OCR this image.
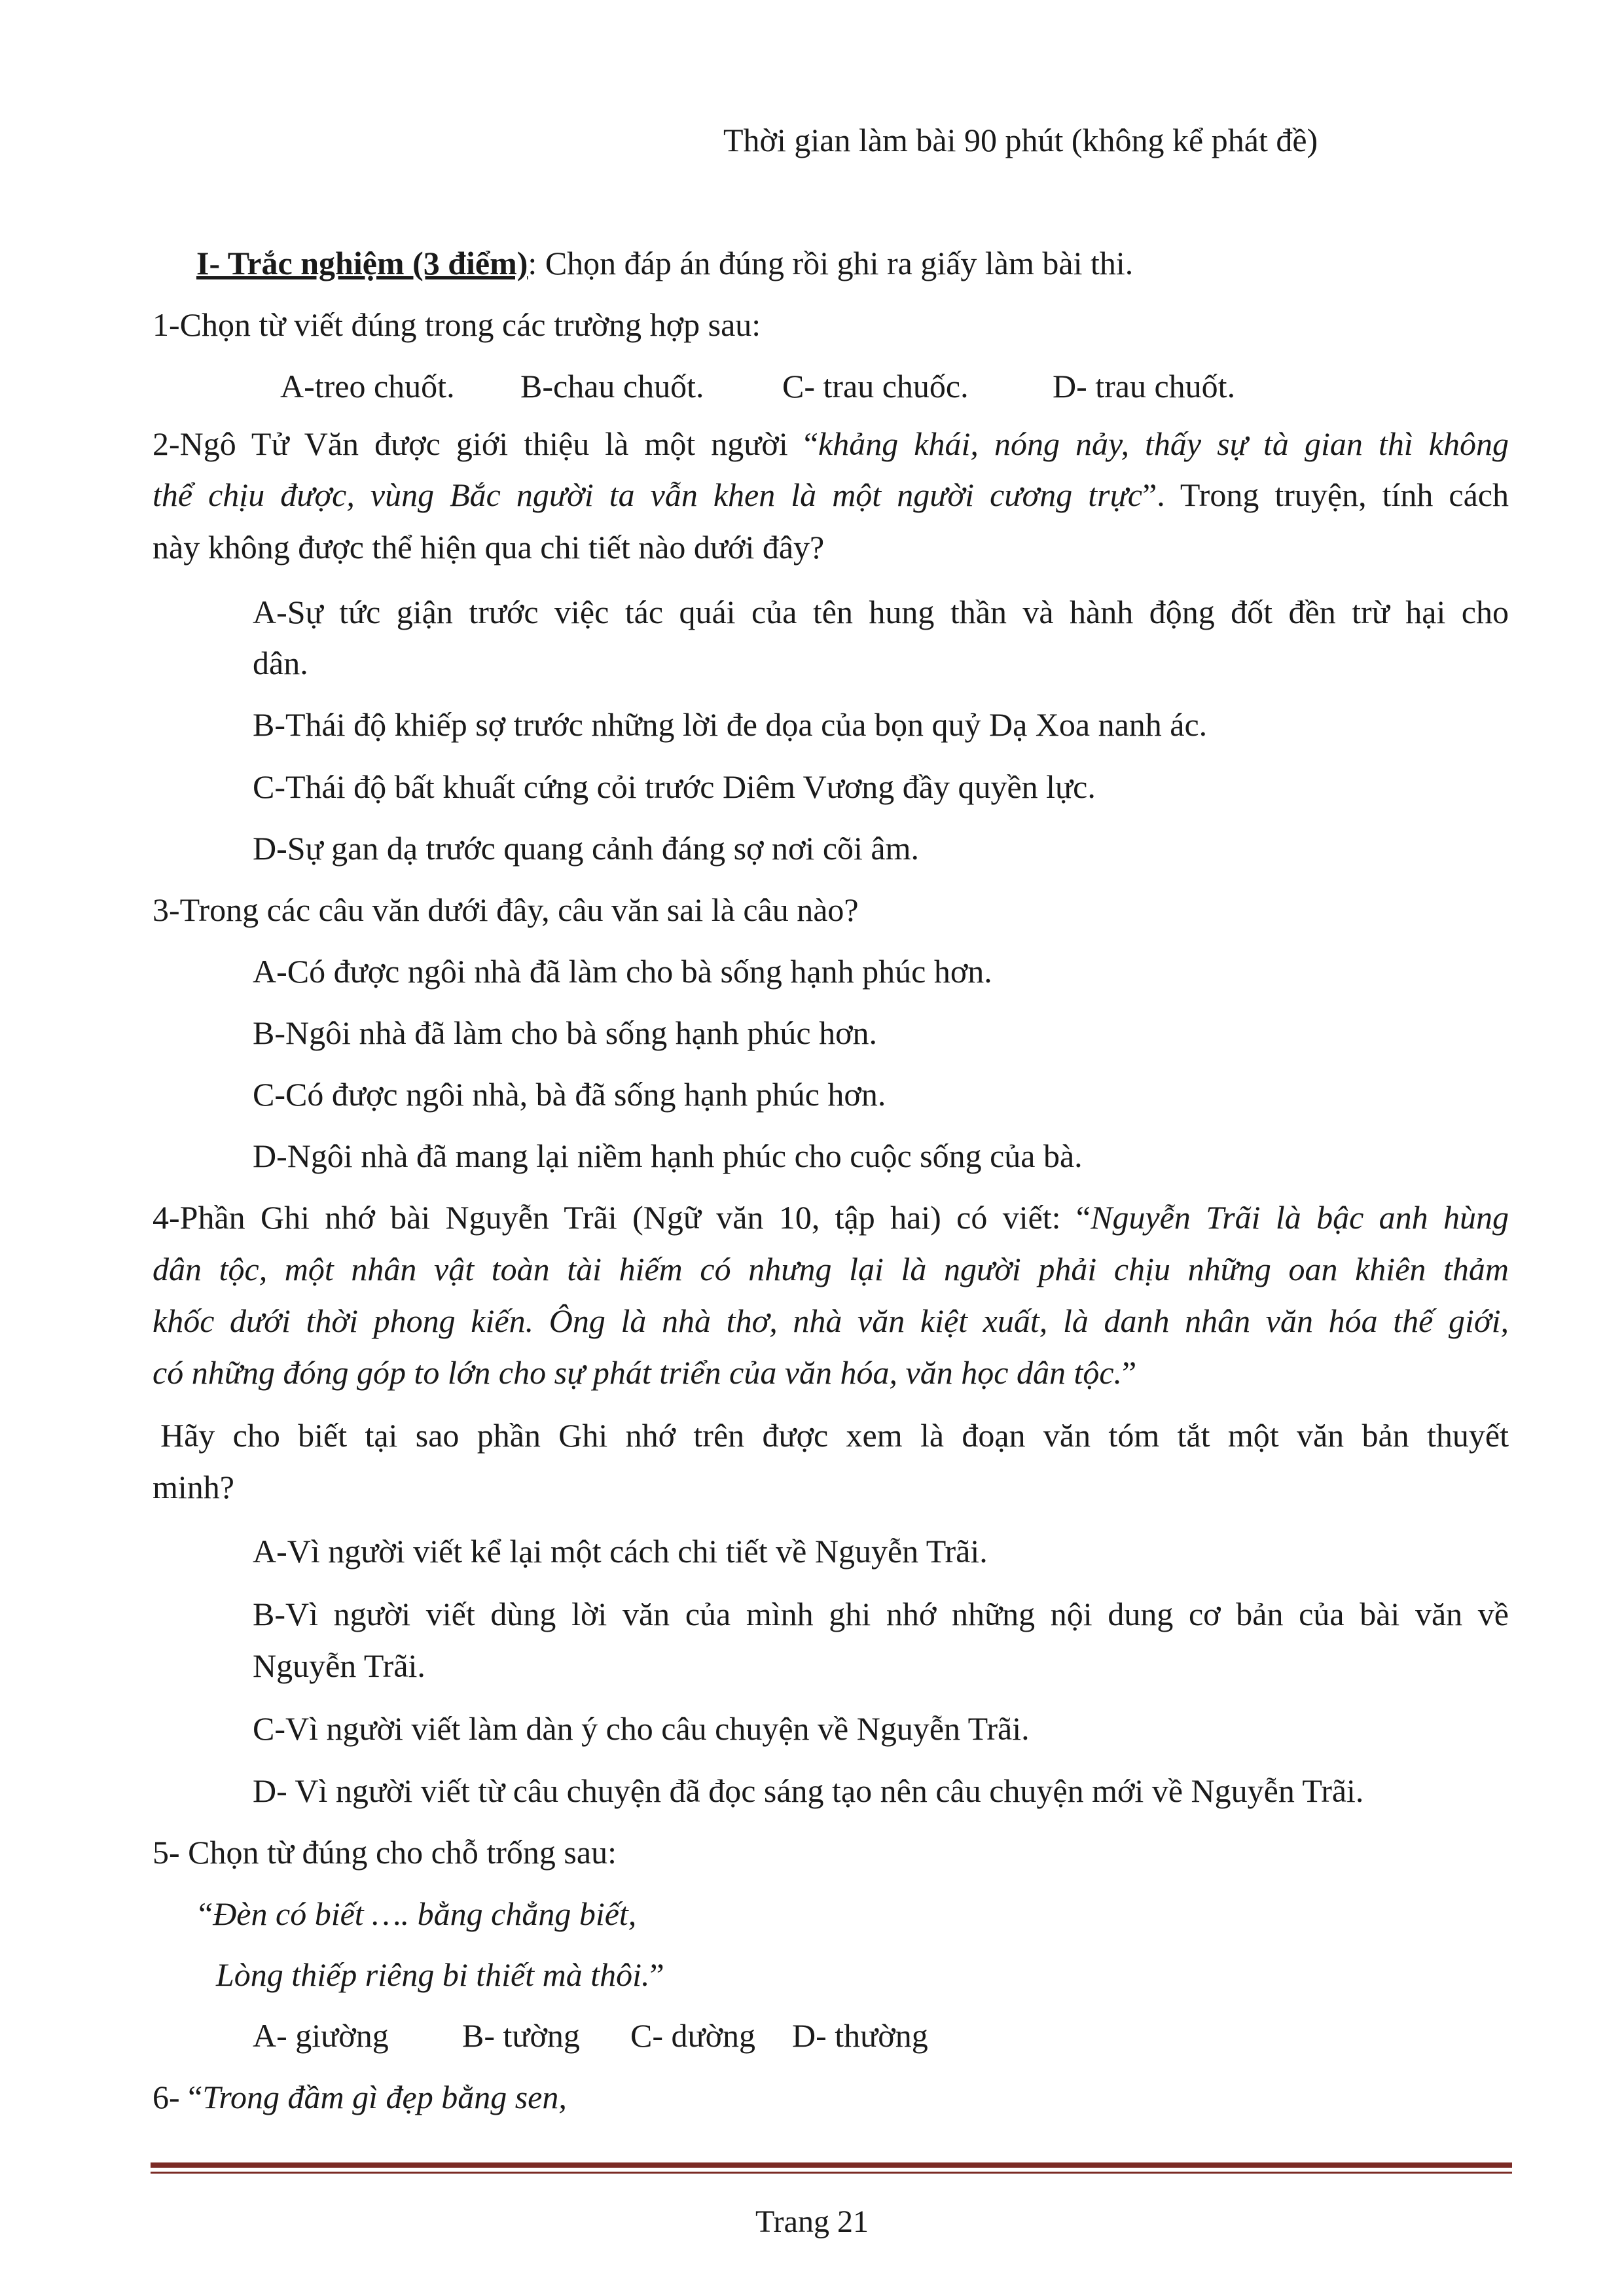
Thời gian làm bài 90 phút (không kể phát đề)
I- Trắc nghiệm (3 điểm): Chọn đáp án đúng rồi ghi ra giấy làm bài thi.
1-Chọn từ viết đúng trong các trường hợp sau:
A-treo chuốt. B-chau chuốt. C- trau chuốc.	D- trau chuốt.
2-Ngô Tử Văn được giới thiệu là một người “khảng khái, nóng nảy, thấy sự tà gian thì không
thể chịu được, vùng Bắc người ta vẫn khen là một người cương trực”. Trong truyện, tính cách
này không được thể hiện qua chi tiết nào dưới đây?
A-Sự tức giận trước việc tác quái của tên hung thần và hành động đốt đền trừ hại cho
dân.
B-Thái độ khiếp sợ trước những lời đe dọa của bọn quỷ Dạ Xoa nanh ác.
C-Thái độ bất khuất cứng cỏi trước Diêm Vương đầy quyền lực.
D-Sự gan dạ trước quang cảnh đáng sợ nơi cõi âm.
3-Trong các câu văn dưới đây, câu văn sai là câu nào?
A-Có được ngôi nhà đã làm cho bà sống hạnh phúc hơn.
B-Ngôi nhà đã làm cho bà sống hạnh phúc hơn.
C-Có được ngôi nhà, bà đã sống hạnh phúc hơn.
D-Ngôi nhà đã mang lại niềm hạnh phúc cho cuộc sống của bà.
4-Phần Ghi nhớ bài Nguyễn Trãi (Ngữ văn 10, tập hai) có viết: “Nguyễn Trãi là bậc anh hùng
dân tộc, một nhân vật toàn tài hiếm có nhưng lại là người phải chịu những oan khiên thảm
khốc dưới thời phong kiến. Ông là nhà thơ, nhà văn kiệt xuất, là danh nhân văn hóa thế giới,
có những đóng góp to lớn cho sự phát triển của văn hóa, văn học dân tộc.”
Hãy cho biết tại sao phần Ghi nhớ trên được xem là đoạn văn tóm tắt một văn bản thuyết
minh?
A-Vì người viết kể lại một cách chi tiết về Nguyễn Trãi.
B-Vì người viết dùng lời văn của mình ghi nhớ những nội dung cơ bản của bài văn về
Nguyễn Trãi.
C-Vì người viết làm dàn ý cho câu chuyện về Nguyễn Trãi.
D- Vì người viết từ câu chuyện đã đọc sáng tạo nên câu chuyện mới về Nguyễn Trãi.
5- Chọn từ đúng cho chỗ trống sau:
“Đèn có biết …. bằng chẳng biết,
Lòng thiếp riêng bi thiết mà thôi.”
A- giường B- tường C- dường D- thường
6- “Trong đầm gì đẹp bằng sen,
Trang 21
